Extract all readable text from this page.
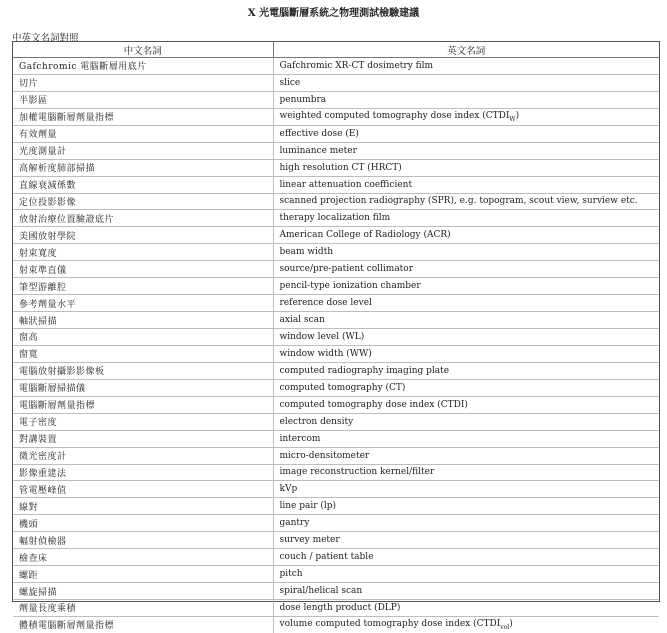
X 光電腦斷層系統之物理測試檢驗建議
中英文名詞對照
中文名詞	英文名詞
Gafchromic 電腦斷層用底片	Gafchromic XR-CT dosimetry film
切片	slice
半影區	penumbra
加權電腦斷層劑量指標	weighted computed tomography dose index $(CTDI_W)$
有效劑量	effective dose (E)
光度測量計	luminance meter
高解析度肺部掃描	high resolution CT (HRCT)
直線衰減係數	linear attenuation coefficient
定位投影影像	scanned projection radiography (SPR), e.g. topogram, scout view, surview etc.
放射治療位置驗證底片	therapy localization film
美國放射學院	American College of Radiology (ACR)
射束寬度	beam width
射束準直儀	source/pre-patient collimator
筆型游離腔	pencil-type ionization chamber
參考劑量水平	reference dose level
軸狀掃描	axial scan
窗高	window level (WL)
窗寬	window width (WW)
電腦放射攝影影像板	computed radiography imaging plate
電腦斷層掃描儀	computed tomography (CT)
電腦斷層劑量指標	computed tomography dose index (CTDI)
電子密度	electron density
對講裝置	intercom
微光密度計	micro-densitometer
影像重建法	image reconstruction kernel/filter
管電壓峰值	kVp
線對	line pair (lp)
機頭	gantry
輻射偵檢器	survey meter
檢查床	couch / patient table
螺距	pitch
螺旋掃描	spiral/helical scan
劑量長度乘積	dose length product (DLP)
體積電腦斷層劑量指標	volume computed tomography dose index $(CTDI_{vol})$
